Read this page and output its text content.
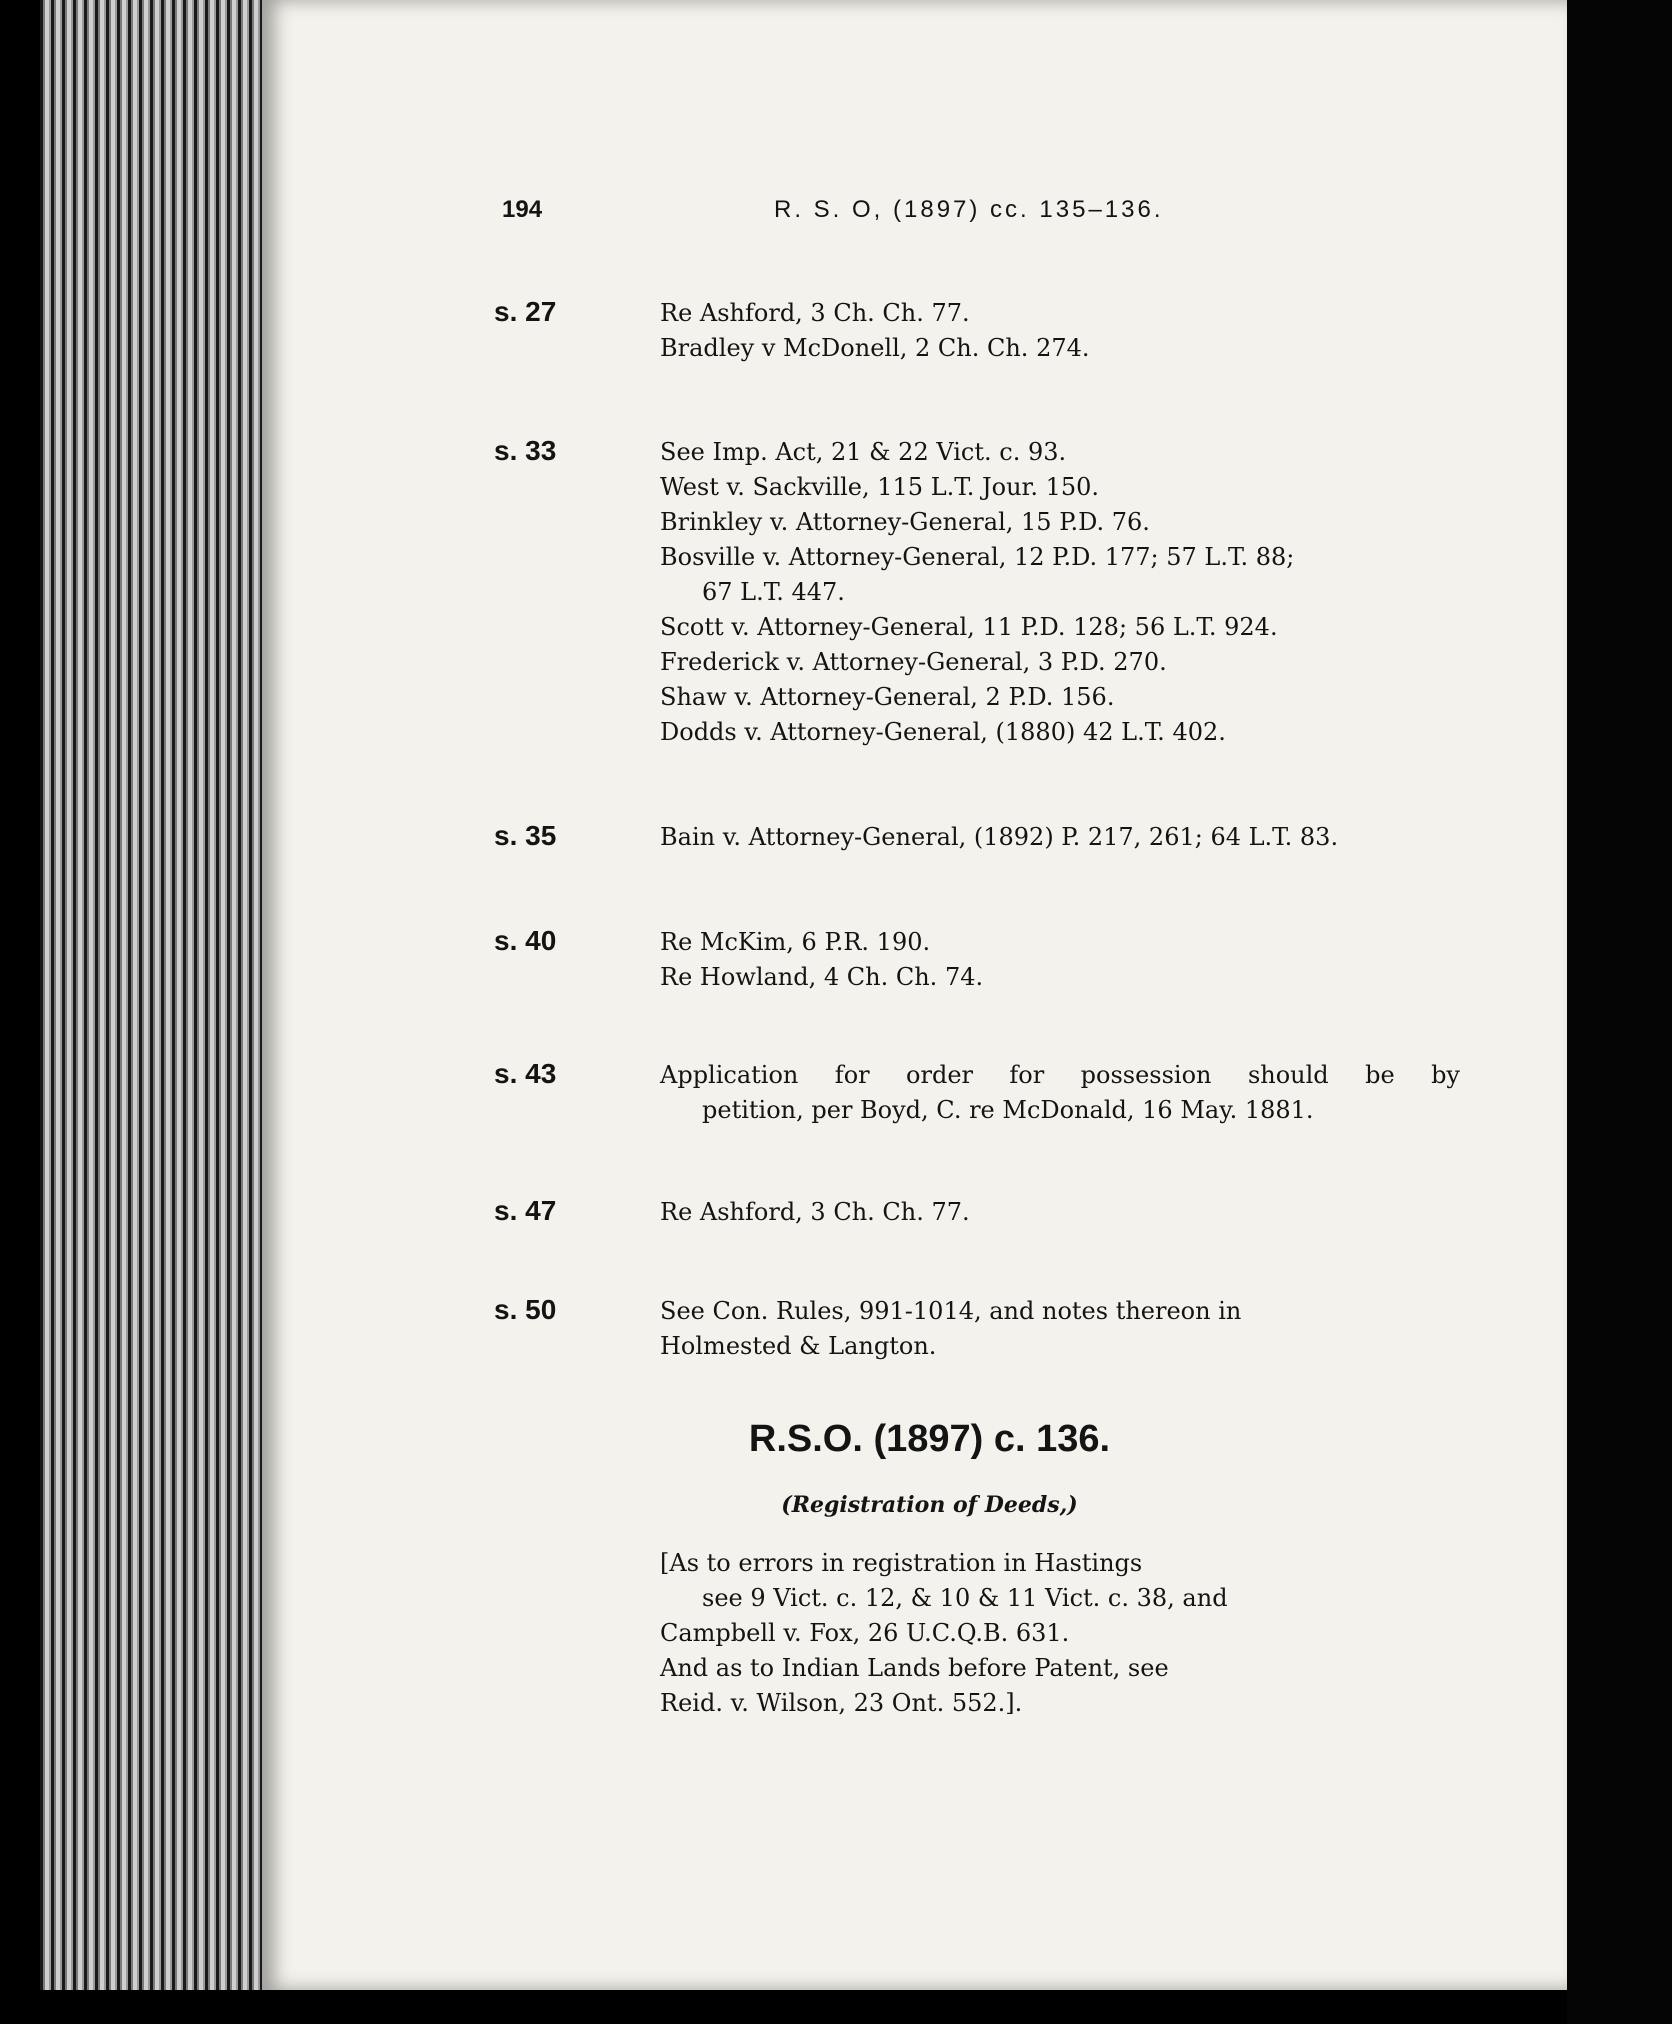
194	R. S. O, (1897) cc. 135–136.
s. 27	Re Ashford, 3 Ch. Ch. 77.
Bradley v McDonell, 2 Ch. Ch. 274.
s. 33	See Imp. Act, 21 & 22 Vict. c. 93.
West v. Sackville, 115 L.T. Jour. 150.
Brinkley v. Attorney-General, 15 P.D. 76.
Bosville v. Attorney-General, 12 P.D. 177; 57 L.T. 88;
67 L.T. 447.
Scott v. Attorney-General, 11 P.D. 128; 56 L.T. 924.
Frederick v. Attorney-General, 3 P.D. 270.
Shaw v. Attorney-General, 2 P.D. 156.
Dodds v. Attorney-General, (1880) 42 L.T. 402.
s. 35	Bain v. Attorney-General, (1892) P. 217, 261; 64 L.T. 83.
s. 40	Re McKim, 6 P.R. 190.
Re Howland, 4 Ch. Ch. 74.
s. 43	Application for order for possession should be by
petition, per Boyd, C. re McDonald, 16 May. 1881.
s. 47	Re Ashford, 3 Ch. Ch. 77.
s. 50	See Con. Rules, 991-1014, and notes thereon in
Holmested & Langton.
R.S.O. (1897) c. 136.
(Registration of Deeds,)
[As to errors in registration in Hastings
see 9 Vict. c. 12, & 10 & 11 Vict. c. 38, and
Campbell v. Fox, 26 U.C.Q.B. 631.
And as to Indian Lands before Patent, see
Reid. v. Wilson, 23 Ont. 552.].
